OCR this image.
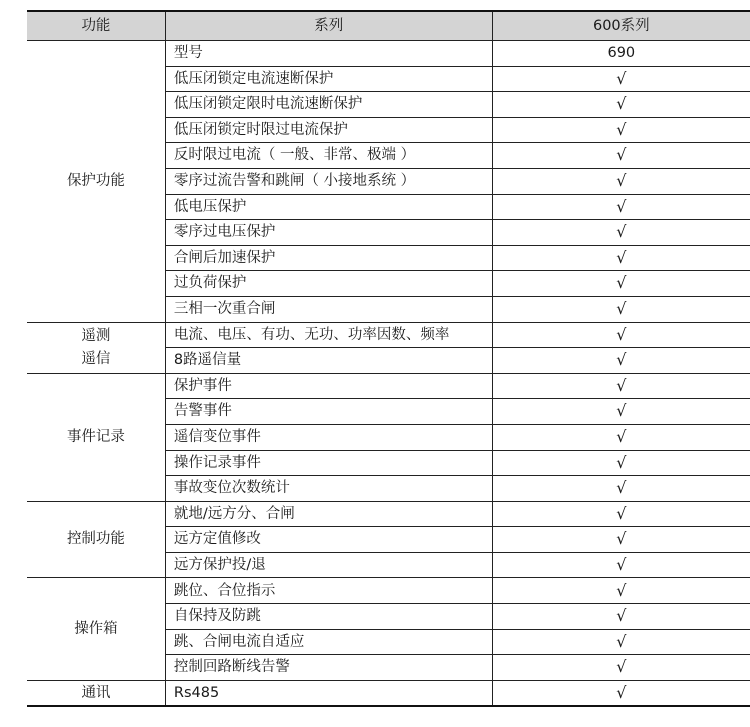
功能	系列	600系列
保护功能	型号	690
	低压闭锁定电流速断保护	√
	低压闭锁定限时电流速断保护	√
	低压闭锁定时限过电流保护	√
	反时限过电流（ 一般、非常、极端 ）	√
	零序过流告警和跳闸（ 小接地系统 ）	√
	低电压保护	√
	零序过电压保护	√
	合闸后加速保护	√
	过负荷保护	√
	三相一次重合闸	√
遥测
遥信	电流、电压、有功、无功、功率因数、频率	√
	8路遥信量	√
事件记录	保护事件	√
	告警事件	√
	遥信变位事件	√
	操作记录事件	√
	事故变位次数统计	√
控制功能	就地/远方分、合闸	√
	远方定值修改	√
	远方保护投/退	√
操作箱	跳位、合位指示	√
	自保持及防跳	√
	跳、合闸电流自适应	√
	控制回路断线告警	√
通讯	Rs485	√
